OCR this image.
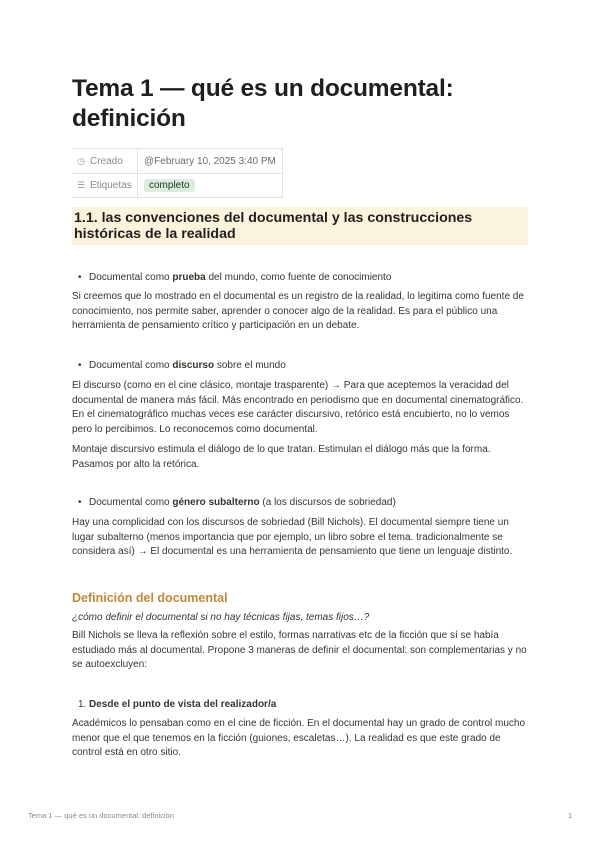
Tema 1 — qué es un documental: definición
◷ Creado	@February 10, 2025 3:40 PM
☰ Etiquetas	completo
1.1. las convenciones del documental y las construcciones históricas de la realidad
• Documental como prueba del mundo, como fuente de conocimiento

Si creemos que lo mostrado en el documental es un registro de la realidad, lo legitima como fuente de conocimiento, nos permite saber, aprender o conocer algo de la realidad. Es para el público una herramienta de pensamiento crítico y participación en un debate.

• Documental como discurso sobre el mundo

El discurso (como en el cine clásico, montaje trasparente) → Para que aceptemos la veracidad del documental de manera más fácil. Más encontrado en periodismo que en documental cinematográfico. En el cinematográfico muchas veces ese carácter discursivo, retórico está encubierto, no lo vemos pero lo percibimos. Lo reconocemos como documental.

Montaje discursivo estimula el diálogo de lo que tratan. Estimulan el diálogo más que la forma. Pasamos por alto la retórica.

• Documental como género subalterno (a los discursos de sobriedad)

Hay una complicidad con los discursos de sobriedad (Bill Nichols). El documental siempre tiene un lugar subalterno (menos importancia que por ejemplo, un libro sobre el tema. tradicionalmente se considera así) → El documental es una herramienta de pensamiento que tiene un lenguaje distinto.

Definición del documental

¿cómo definir el documental si no hay técnicas fijas, temas fijos…?

Bill Nichols se lleva la reflexión sobre el estilo, formas narrativas etc de la ficción que sí se había estudiado más al documental. Propone 3 maneras de definir el documental: son complementarias y no se autoexcluyen:

1. Desde el punto de vista del realizador/a

Académicos lo pensaban como en el cine de ficción. En el documental hay un grado de control mucho menor que el que tenemos en la ficción (guiones, escaletas…). La realidad es que este grado de control está en otro sitio.

Tema 1 — qué es un documental: definición	1
